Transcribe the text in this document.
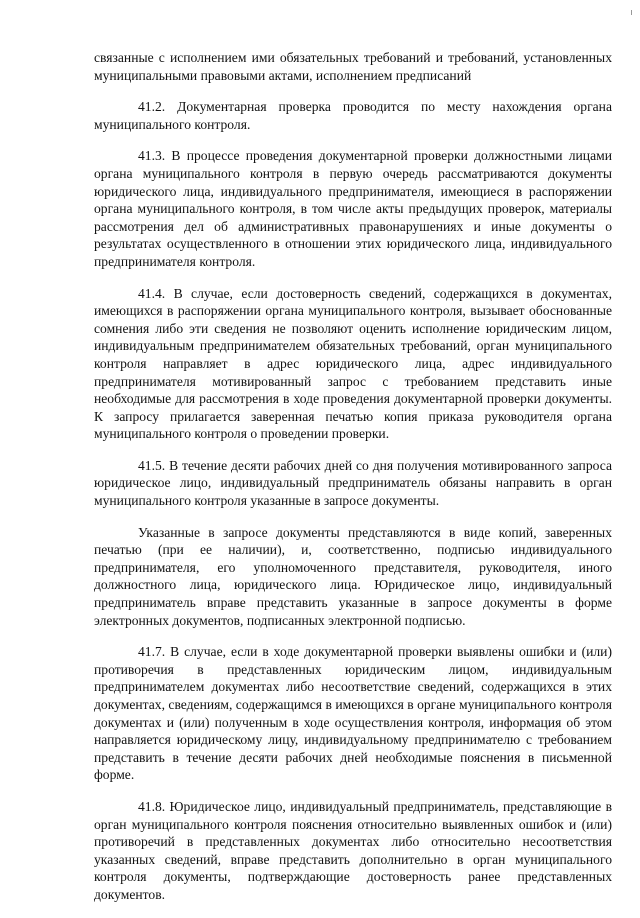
связанные с исполнением ими обязательных требований и требований, установленных муниципальными правовыми актами, исполнением предписаний

41.2. Документарная проверка проводится по месту нахождения органа муниципального контроля.

41.3. В процессе проведения документарной проверки должностными лицами органа муниципального контроля в первую очередь рассматриваются документы юридического лица, индивидуального предпринимателя, имеющиеся в распоряжении органа муниципального контроля, в том числе акты предыдущих проверок, материалы рассмотрения дел об административных правонарушениях и иные документы о результатах осуществленного в отношении этих юридического лица, индивидуального предпринимателя контроля.

41.4. В случае, если достоверность сведений, содержащихся в документах, имеющихся в распоряжении органа муниципального контроля, вызывает обоснованные сомнения либо эти сведения не позволяют оценить исполнение юридическим лицом, индивидуальным предпринимателем обязательных требований, орган муниципального контроля направляет в адрес юридического лица, адрес индивидуального предпринимателя мотивированный запрос с требованием представить иные необходимые для рассмотрения в ходе проведения документарной проверки документы. К запросу прилагается заверенная печатью копия приказа руководителя органа муниципального контроля о проведении проверки.

41.5. В течение десяти рабочих дней со дня получения мотивированного запроса юридическое лицо, индивидуальный предприниматель обязаны направить в орган муниципального контроля указанные в запросе документы.

Указанные в запросе документы представляются в виде копий, заверенных печатью (при ее наличии), и, соответственно, подписью индивидуального предпринимателя, его уполномоченного представителя, руководителя, иного должностного лица, юридического лица. Юридическое лицо, индивидуальный предприниматель вправе представить указанные в запросе документы в форме электронных документов, подписанных электронной подписью.

41.7. В случае, если в ходе документарной проверки выявлены ошибки и (или) противоречия в представленных юридическим лицом, индивидуальным предпринимателем документах либо несоответствие сведений, содержащихся в этих документах, сведениям, содержащимся в имеющихся в органе муниципального контроля документах и (или) полученным в ходе осуществления контроля, информация об этом направляется юридическому лицу, индивидуальному предпринимателю с требованием представить в течение десяти рабочих дней необходимые пояснения в письменной форме.

41.8. Юридическое лицо, индивидуальный предприниматель, представляющие в орган муниципального контроля пояснения относительно выявленных ошибок и (или) противоречий в представленных документах либо относительно несоответствия указанных сведений, вправе представить дополнительно в орган муниципального контроля документы, подтверждающие достоверность ранее представленных документов.
